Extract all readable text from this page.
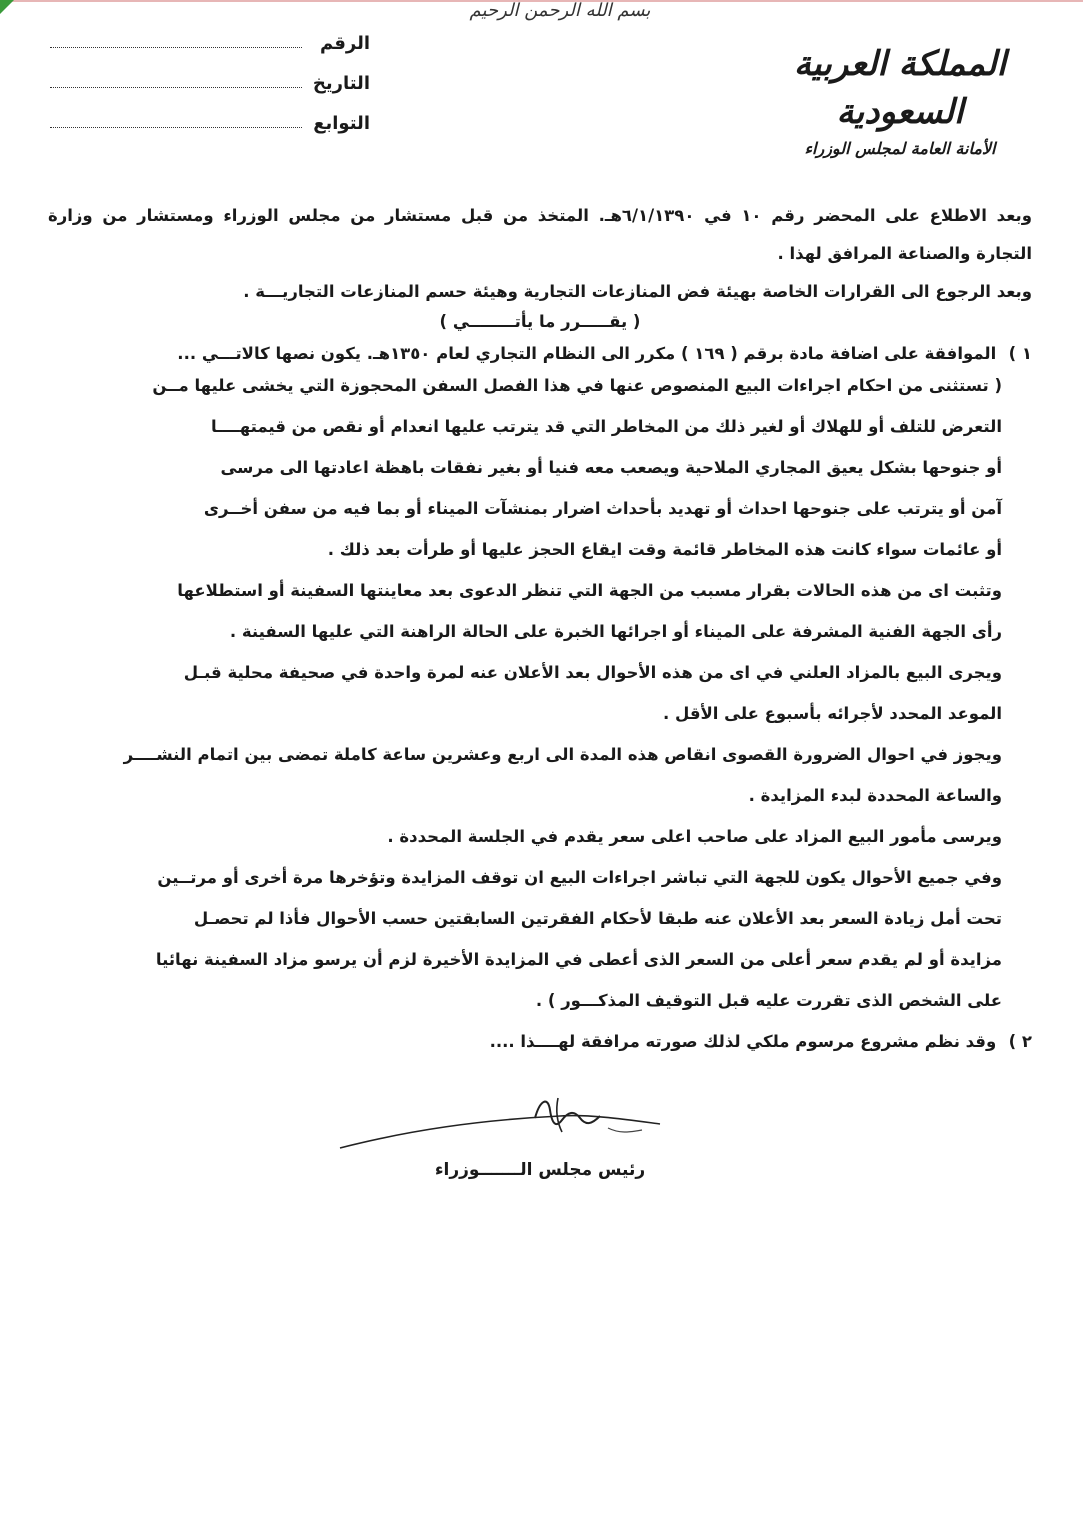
بسم الله الرحمن الرحيم
المملكة العربية السعودية
الأمانة العامة لمجلس الوزراء
الرقم
التاريخ
التوابع
وبعد الاطلاع على المحضر رقم ١٠ في ٦/١/١٣٩٠هـ. المتخذ من قبل مستشار من مجلس الوزراء ومستشار من وزارة
التجارة والصناعة المرافق لهذا .
وبعد الرجوع الى القرارات الخاصة بهيئة فض المنازعات التجارية وهيئة حسم المنازعات التجاريـــة .
( يقـــــرر ما يأتــــــــي )
١ ) الموافقة على اضافة مادة برقم ( ١٦٩ ) مكرر الى النظام التجاري لعام ١٣٥٠هـ. يكون نصها كالاتـــي ...
( تستثنى من احكام اجراءات البيع المنصوص عنها في هذا الفصل السفن المحجوزة التي يخشى عليها مــن
التعرض للتلف أو للهلاك أو لغير ذلك من المخاطر التي قد يترتب عليها انعدام أو نقص من قيمتهــــا
أو جنوحها بشكل يعيق المجاري الملاحية ويصعب معه فنيا أو بغير نفقات باهظة اعادتها الى مرسى
آمن أو يترتب على جنوحها احداث أو تهديد بأحداث اضرار بمنشآت الميناء أو بما فيه من سفن أخــرى
أو عائمات سواء كانت هذه المخاطر قائمة وقت ايقاع الحجز عليها أو طرأت بعد ذلك .
وتثبت اى من هذه الحالات بقرار مسبب من الجهة التي تنظر الدعوى بعد معاينتها السفينة أو استطلاعها
رأى الجهة الفنية المشرفة على الميناء أو اجرائها الخبرة على الحالة الراهنة التي عليها السفينة .
ويجرى البيع بالمزاد العلني في اى من هذه الأحوال بعد الأعلان عنه لمرة واحدة في صحيفة محلية قبـل
الموعد المحدد لأجرائه بأسبوع على الأقل .
ويجوز في احوال الضرورة القصوى انقاص هذه المدة الى اربع وعشرين ساعة كاملة تمضى بين اتمام النشــــر
والساعة المحددة لبدء المزايدة .
ويرسى مأمور البيع المزاد على صاحب اعلى سعر يقدم في الجلسة المحددة .
وفي جميع الأحوال يكون للجهة التي تباشر اجراءات البيع ان توقف المزايدة وتؤخرها مرة أخرى أو مرتــين
تحت أمل زيادة السعر بعد الأعلان عنه طبقا لأحكام الفقرتين السابقتين حسب الأحوال فأذا لم تحصـل
مزايدة أو لم يقدم سعر أعلى من السعر الذى أعطى في المزايدة الأخيرة لزم أن يرسو مزاد السفينة نهائيا
على الشخص الذى تقررت عليه قبل التوقيف المذكـــور ) .
٢ ) وقد نظم مشروع مرسوم ملكي لذلك صورته مرافقة لهــــذا ....
رئيس مجلس الـــــــوزراء
